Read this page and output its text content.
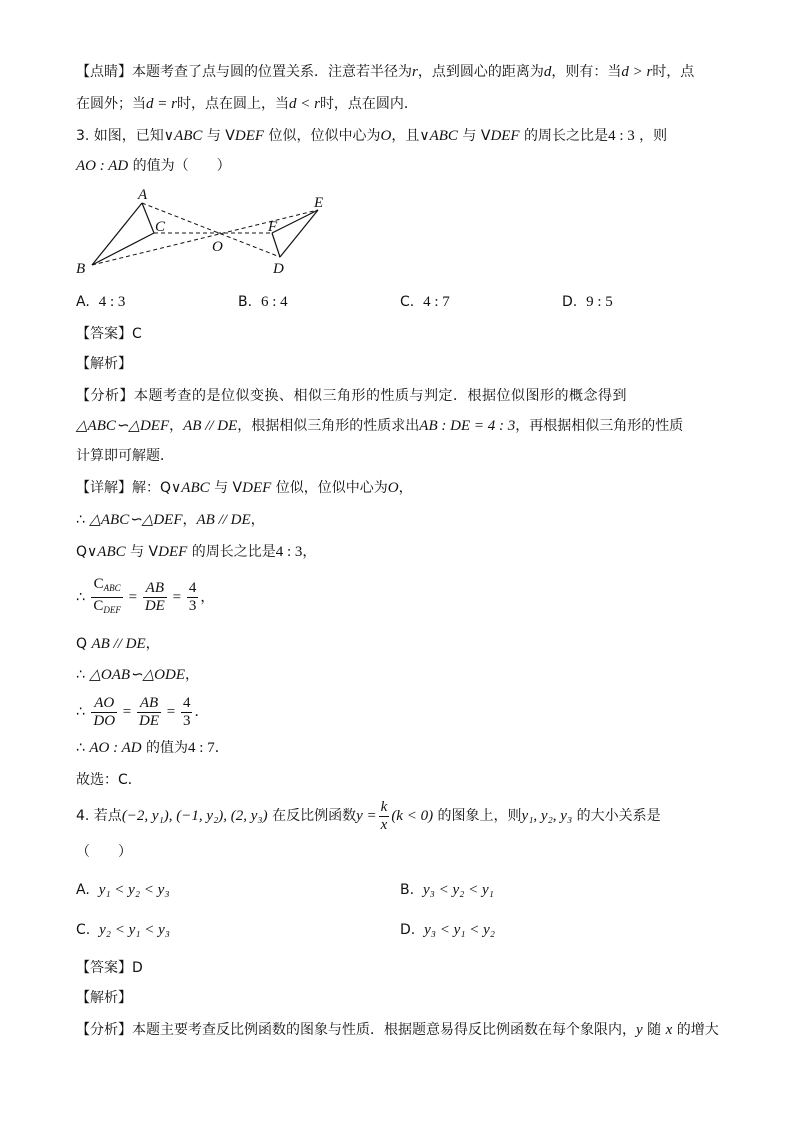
【点睛】本题考查了点与圆的位置关系．注意若半径为r，点到圆心的距离为d，则有：当d > r时，点
在圆外；当d = r时，点在圆上，当d < r时，点在圆内．
3. 如图，已知∨ABC 与 VDEF 位似，位似中心为O，且∨ABC 与 VDEF 的周长之比是4 : 3 ，则
AO : AD 的值为（　　）
A
B
C
O
E
F
D
A. 4 : 3	B. 6 : 4	C. 4 : 7	D. 9 : 5
【答案】C
【解析】
【分析】本题考查的是位似变换、相似三角形的性质与判定．根据位似图形的概念得到
△ABC∽△DEF，AB // DE，根据相似三角形的性质求出AB : DE = 4 : 3，再根据相似三角形的性质
计算即可解题．
【详解】解：Q∨ABC 与 VDEF 位似，位似中心为O，
∴ △ABC∽△DEF，AB // DE，
Q∨ABC 与 VDEF 的周长之比是4 : 3，
∴ $\frac{C_{ABC}}{C_{DEF}} = \frac{AB}{DE} = \frac{4}{3}$ ，
Q AB // DE，
∴ △OAB∽△ODE，
∴ $\frac{AO}{DO} = \frac{AB}{DE} = \frac{4}{3}$ ．
∴ AO : AD 的值为4 : 7．
故选：C．
4. 若点(−2, y₁), (−1, y₂), (2, y₃) 在反比例函数$y = \frac{k}{x} (k < 0)$ 的图象上，则y₁, y₂, y₃ 的大小关系是
（　　）
A. y₁ < y₂ < y₃	B. y₃ < y₂ < y₁
C. y₂ < y₁ < y₃	D. y₃ < y₁ < y₂
【答案】D
【解析】
【分析】本题主要考查反比例函数的图象与性质．根据题意易得反比例函数在每个象限内，y 随 x 的增大
